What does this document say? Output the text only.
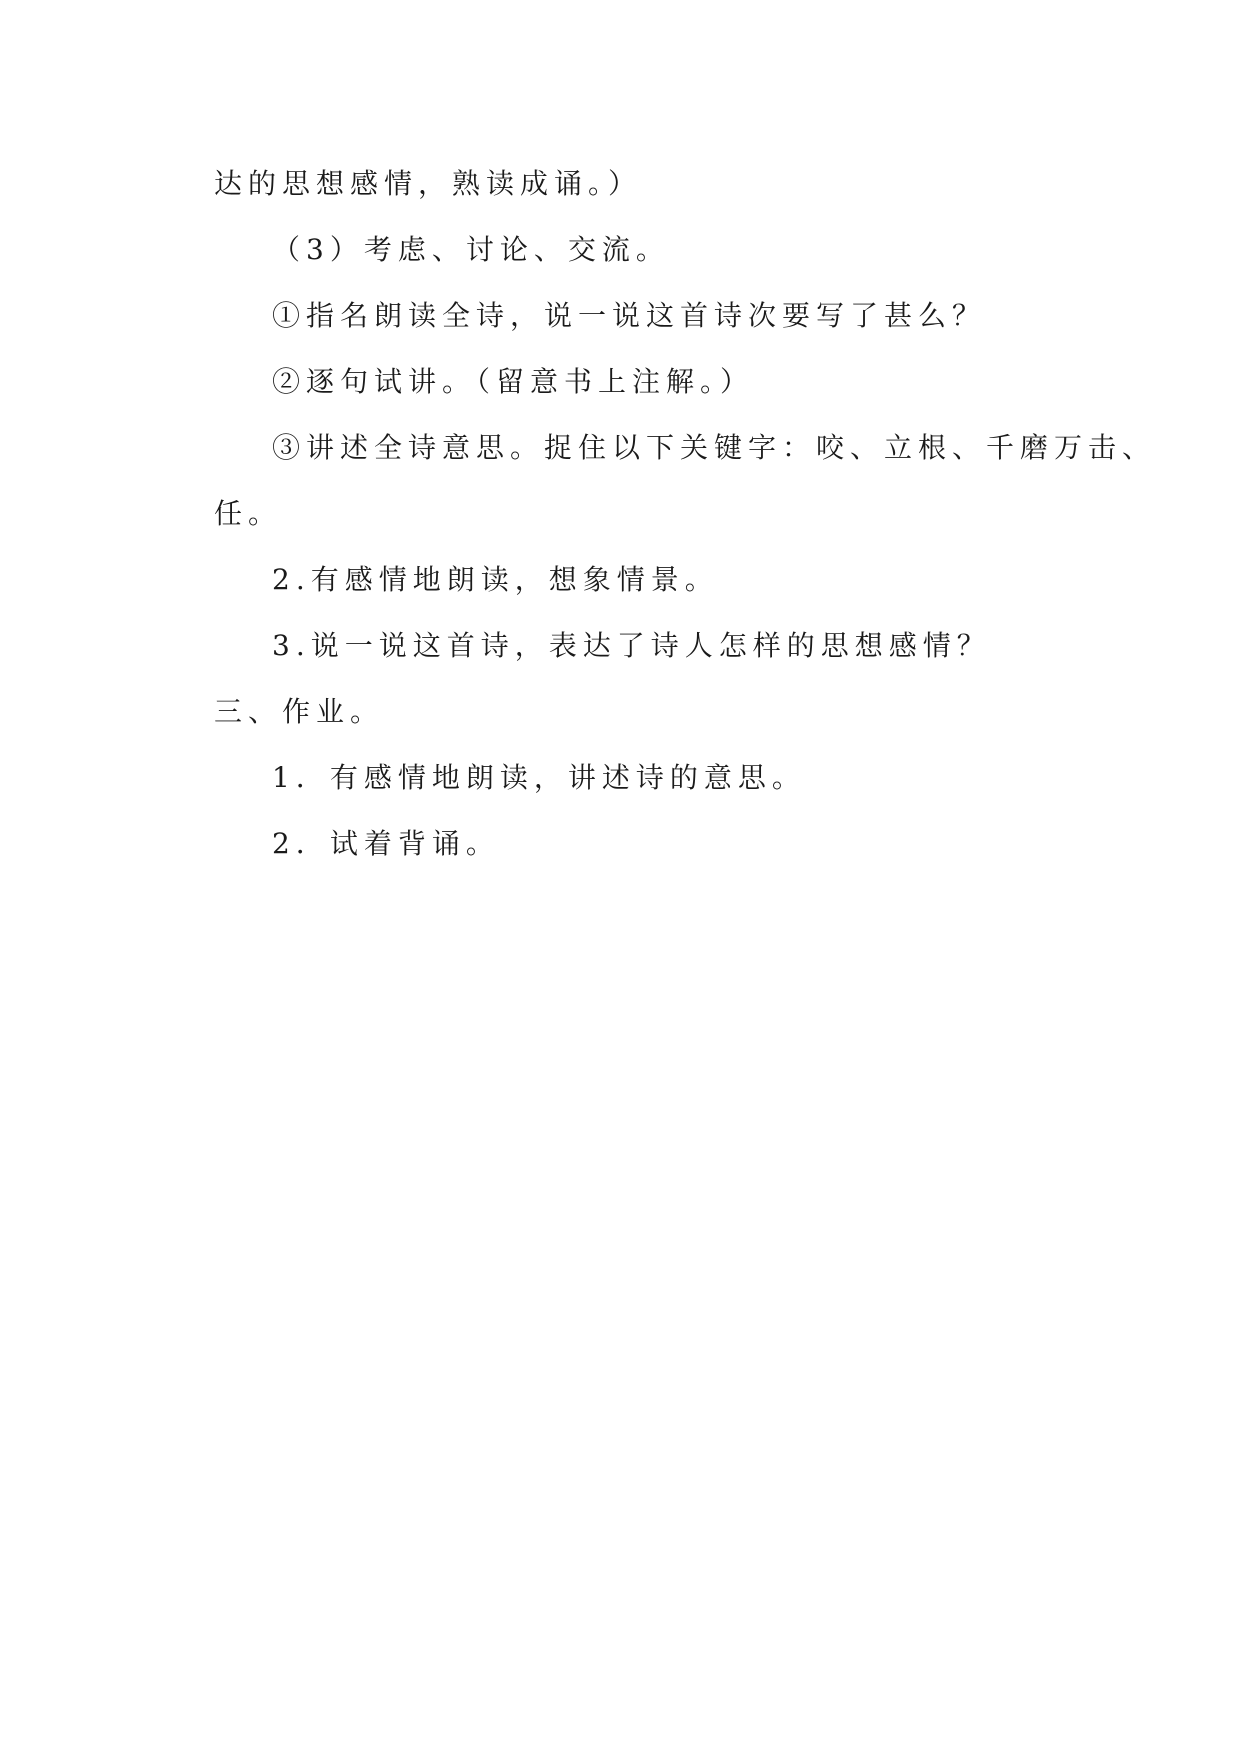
达的思想感情，熟读成诵。）

（3）考虑、讨论、交流。

①指名朗读全诗，说一说这首诗次要写了甚么？

②逐句试讲。（留意书上注解。）

③讲述全诗意思。捉住以下关键字：咬、立根、千磨万击、

任。

2.有感情地朗读，想象情景。

3.说一说这首诗，表达了诗人怎样的思想感情？

三、作业。

1．有感情地朗读，讲述诗的意思。

2．试着背诵。
